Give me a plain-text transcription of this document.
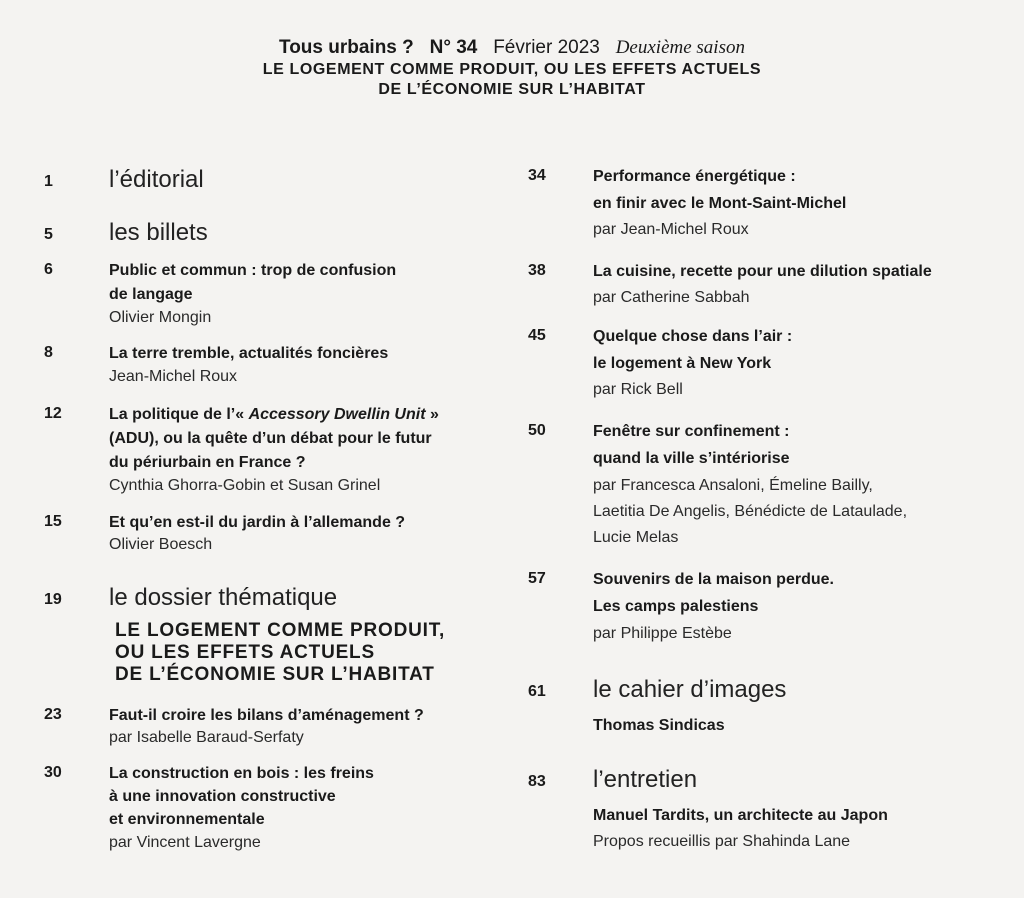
Tous urbains ? N° 34 Février 2023 Deuxième saison
LE LOGEMENT COMME PRODUIT, OU LES EFFETS ACTUELS
DE L’ÉCONOMIE SUR L’HABITAT
1 l’éditorial
5 les billets
6	Public et commun : trop de confusion
de langage
Olivier Mongin
8	La terre tremble, actualités foncières
Jean-Michel Roux
12	La politique de l’« Accessory Dwellin Unit »
(ADU), ou la quête d’un débat pour le futur
du périurbain en France ?
Cynthia Ghorra-Gobin et Susan Grinel
15	Et qu’en est-il du jardin à l’allemande ?
Olivier Boesch
19 le dossier thématique
LE LOGEMENT COMME PRODUIT,
OU LES EFFETS ACTUELS
DE L’ÉCONOMIE SUR L’HABITAT
23	Faut-il croire les bilans d’aménagement ?
par Isabelle Baraud-Serfaty
30	La construction en bois : les freins
à une innovation constructive
et environnementale
par Vincent Lavergne
34	Performance énergétique :
en finir avec le Mont-Saint-Michel
par Jean-Michel Roux
38	La cuisine, recette pour une dilution spatiale
par Catherine Sabbah
45	Quelque chose dans l’air :
le logement à New York
par Rick Bell
50	Fenêtre sur confinement :
quand la ville s’intériorise
par Francesca Ansaloni, Émeline Bailly,
Laetitia De Angelis, Bénédicte de Lataulade,
Lucie Melas
57	Souvenirs de la maison perdue.
Les camps palestiens
par Philippe Estèbe
61 le cahier d’images
Thomas Sindicas
83 l’entretien
Manuel Tardits, un architecte au Japon
Propos recueillis par Shahinda Lane
